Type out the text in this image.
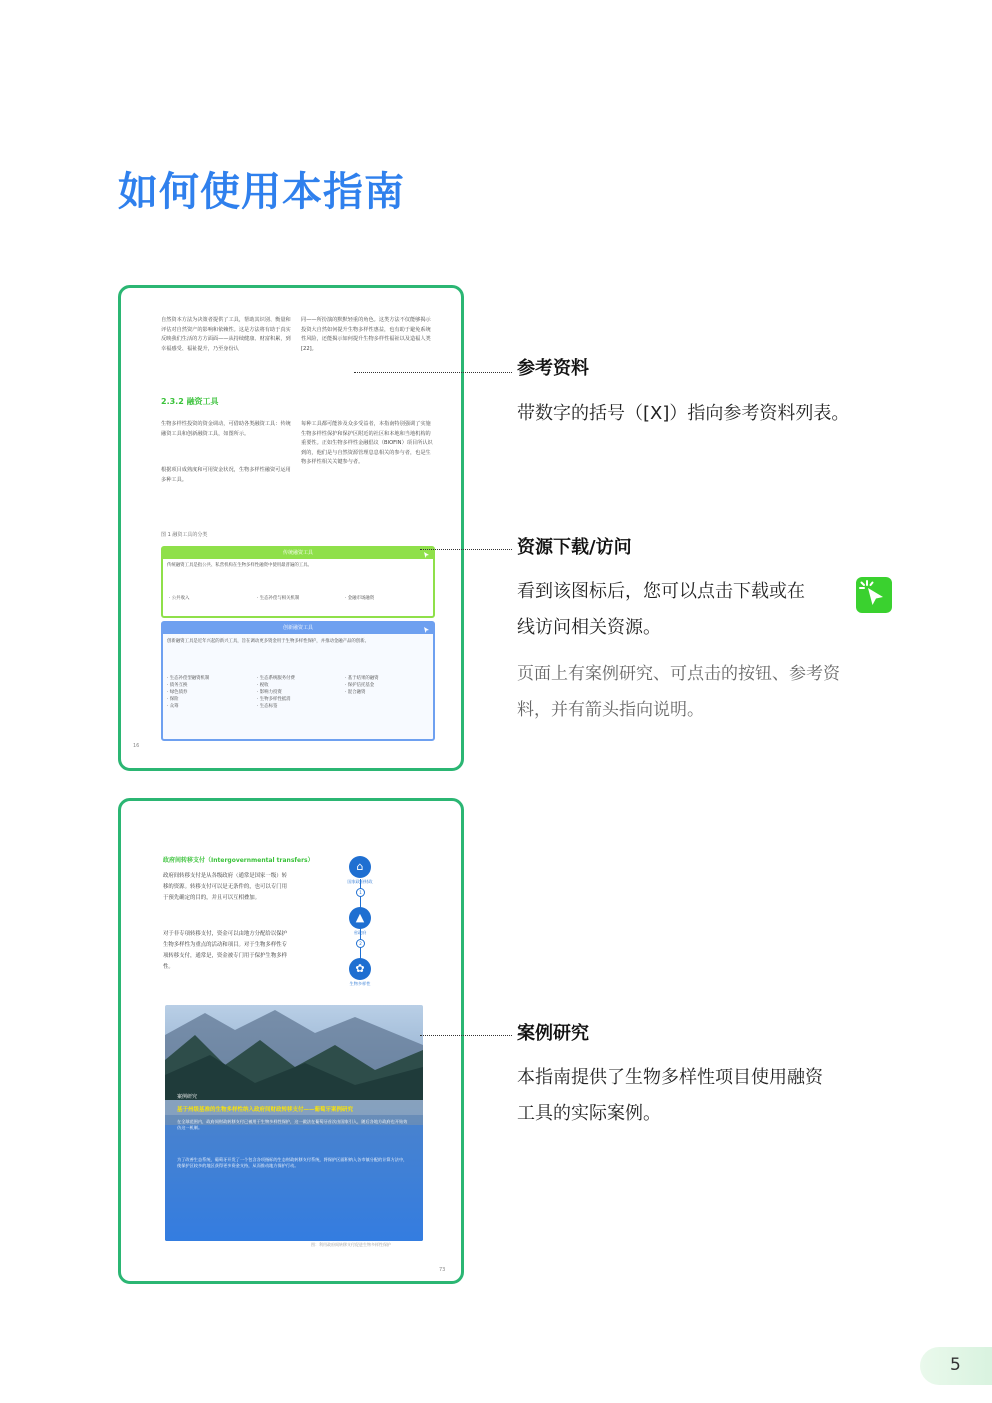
如何使用本指南
自然资本方法为决策者提供了工具，帮助其识别、衡量和评估对自然资产的影响和依赖性。这是方法将有助于真实反映我们生活的方方面面——从持续健康、财富积累，到幸福感受、福祉提升，乃至身份认
同——所扮演的默默轻重的角色。这类方法不仅能够揭示投资大自然如何提升生物多样性惠益，也有助于避免系统性风险，还能揭示如何提升生物多样性福祉以及造福人类 [22]。
2.3.2 融资工具
生物多样性投资的资金调动，可借助各类融资工具：传统融资工具和创新融资工具，如图所示。
根据项目成熟度和可用资金状况，生物多样性融资可运用多种工具。
每种工具都可能涉及众多受益者，本指南特别强调了实施生物多样性保护和保护区附近的社区和本地和当地机构的重要性。正如生物多样性金融倡议（BIOFIN）项目所认识到的，他们是与自然资源管理息息相关的参与者，也是生物多样性相关关键参与者。
图 1 融资工具的分类
传统融资工具
传统融资工具是指公共、私营机构在生物多样性融资中使用最普遍的工具。
· 公共收入	· 生态补偿与相关机制	· 金融市场融资
创新融资工具
创新融资工具是近年兴起的新兴工具，旨在调动更多资金用于生物多样性保护，并推动金融产品的创新。
· 生态补偿型融资机制
· 债务互换
· 绿色债券
· 保险
· 众筹
· 生态系统服务付费
· 税收
· 影响力投资
· 生物多样性抵消
· 生态标签
· 基于结果的融资
· 保护信托基金
· 混合融资
16
政府间转移支付（Intergovernmental transfers）
政府间转移支付是从各级政府（通常是国家一级）转移的资源。转移支付可以是无条件的，也可以专门用于预先确定的目的，并且可以互相叠加。
对于非专项转移支付，资金可以由地方分配给以保护生物多样性为重点的活动和项目。对于生物多样性专项转移支付，通常是，资金被专门用于保护生物多样性。
⌂
国家政府财政
1
▲
省政府
2
✿
生物多样性
案例研究
基于州级基准的生物多样性纳入政府间财政转移支付——葡萄牙案例研究
在全球范围内，政府间财政转移支付已被用于生物多样性保护，这一做法在葡萄牙首次由国家引入，随后各地方政府也开始效仿这一机制。
为了改善生态系统，葡萄牙开发了一个包含各项指标的生态财政转移支付系统，将保护区面积纳入各市镇分配的计算方法中，使保护区较多的地区获得更多资金支持，从而推动地方保护行动。
图：利用政府间转移支付促进生物多样性保护
73
参考资料
带数字的括号（[X]）指向参考资料列表。
资源下载/访问
看到该图标后，您可以点击下载或在
线访问相关资源。
页面上有案例研究、可点击的按钮、参考资
料，并有箭头指向说明。
案例研究
本指南提供了生物多样性项目使用融资
工具的实际案例。
5
